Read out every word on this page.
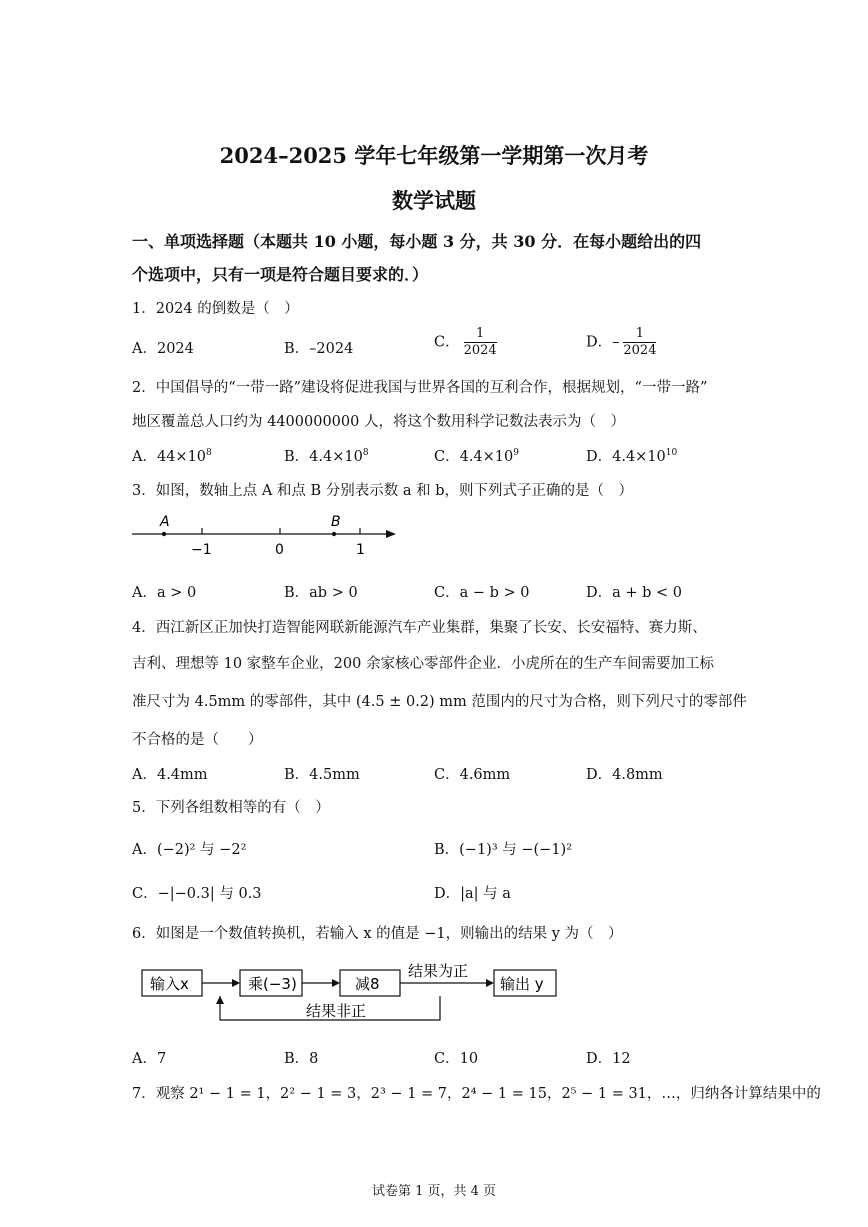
2024–2025 学年七年级第一学期第一次月考
数学试题
一、单项选择题（本题共 10 小题，每小题 3 分，共 30 分．在每小题给出的四
个选项中，只有一项是符合题目要求的．）
1．2024 的倒数是（　）
A．2024	B．–2024	C． $\frac{1}{2024}$	D．– $\frac{1}{2024}$
2．中国倡导的“一带一路”建设将促进我国与世界各国的互利合作，根据规划，“一带一路”
地区覆盖总人口约为 4400000000 人，将这个数用科学记数法表示为（　）
A．$44\times 10^8$	B．$4.4\times 10^8$	C．$4.4\times 10^9$	D．$4.4\times 10^{10}$
3．如图，数轴上点 A 和点 B 分别表示数 a 和 b，则下列式子正确的是（　）
A	B
−1	0	1
A．a > 0	B．ab > 0	C．a − b > 0	D．a + b < 0
4．西江新区正加快打造智能网联新能源汽车产业集群，集聚了长安、长安福特、赛力斯、
吉利、理想等 10 家整车企业，200 余家核心零部件企业．小虎所在的生产车间需要加工标
准尺寸为 4.5mm 的零部件，其中 (4.5 ± 0.2) mm 范围内的尺寸为合格，则下列尺寸的零部件
不合格的是（　　）
A．4.4mm	B．4.5mm	C．4.6mm	D．4.8mm
5．下列各组数相等的有（　）
A．(−2)² 与 −2²	B．(−1)³ 与 −(−1)²
C．−|−0.3| 与 0.3	D．|a| 与 a
6．如图是一个数值转换机，若输入 x 的值是 −1，则输出的结果 y 为（　）
输入x	乘(−3)	减8
结果为正
输出 y
结果非正
A．7	B．8	C．10	D．12
7．观察 2¹ − 1 = 1，2² − 1 = 3，2³ − 1 = 7，2⁴ − 1 = 15，2⁵ − 1 = 31，…，归纳各计算结果中的
试卷第 1 页，共 4 页
